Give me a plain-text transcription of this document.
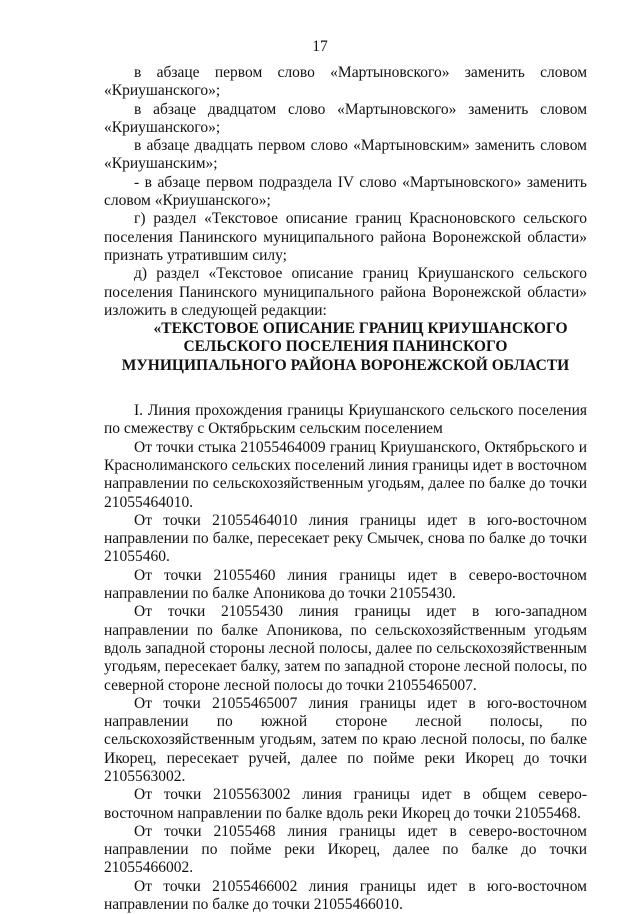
17

в абзаце первом слово «Мартыновского» заменить словом «Криушанского»;

в абзаце двадцатом слово «Мартыновского» заменить словом «Криушанского»;

в абзаце двадцать первом слово «Мартыновским» заменить словом «Криушанским»;

- в абзаце первом подраздела IV слово «Мартыновского» заменить словом «Криушанского»;

г) раздел «Текстовое описание границ Красноновского сельского поселения Панинского муниципального района Воронежской области» признать утратившим силу;

д) раздел «Текстовое описание границ Криушанского сельского поселения Панинского муниципального района Воронежской области» изложить в следующей редакции:

«ТЕКСТОВОЕ ОПИСАНИЕ ГРАНИЦ КРИУШАНСКОГО СЕЛЬСКОГО ПОСЕЛЕНИЯ ПАНИНСКОГО МУНИЦИПАЛЬНОГО РАЙОНА ВОРОНЕЖСКОЙ ОБЛАСТИ

I. Линия прохождения границы Криушанского сельского поселения по смежеству с Октябрьским сельским поселением

От точки стыка 21055464009 границ Криушанского, Октябрьского и Краснолиманского сельских поселений линия границы идет в восточном направлении по сельскохозяйственным угодьям, далее по балке до точки 21055464010.

От точки 21055464010 линия границы идет в юго-восточном направлении по балке, пересекает реку Смычек, снова по балке до точки 21055460.

От точки 21055460 линия границы идет в северо-восточном направлении по балке Апоникова до точки 21055430.

От точки 21055430 линия границы идет в юго-западном направлении по балке Апоникова, по сельскохозяйственным угодьям вдоль западной стороны лесной полосы, далее по сельскохозяйственным угодьям, пересекает балку, затем по западной стороне лесной полосы, по северной стороне лесной полосы до точки 21055465007.

От точки 21055465007 линия границы идет в юго-восточном направлении по южной стороне лесной полосы, по сельскохозяйственным угодьям, затем по краю лесной полосы, по балке Икорец, пересекает ручей, далее по пойме реки Икорец до точки 2105563002.

От точки 2105563002 линия границы идет в общем северо-восточном направлении по балке вдоль реки Икорец до точки 21055468.

От точки 21055468 линия границы идет в северо-восточном направлении по пойме реки Икорец, далее по балке до точки 21055466002.

От точки 21055466002 линия границы идет в юго-восточном направлении по балке до точки 21055466010.
